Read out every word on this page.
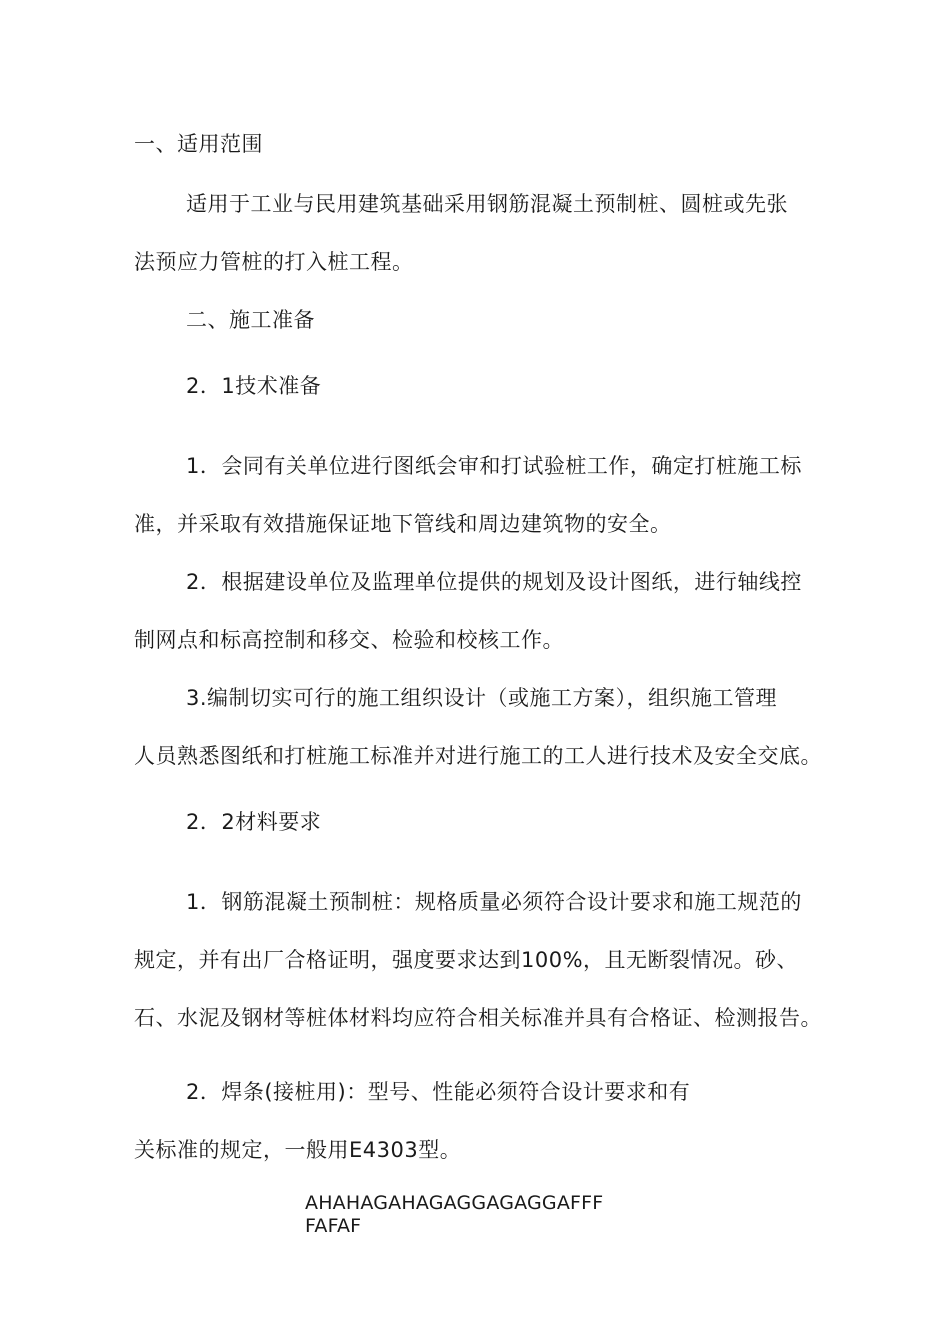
一、适用范围
适用于工业与民用建筑基础采用钢筋混凝土预制桩、圆桩或先张
法预应力管桩的打入桩工程。
二、施工准备
2．1技术准备
1．会同有关单位进行图纸会审和打试验桩工作，确定打桩施工标
准，并采取有效措施保证地下管线和周边建筑物的安全。
2．根据建设单位及监理单位提供的规划及设计图纸，进行轴线控
制网点和标高控制和移交、检验和校核工作。
3.编制切实可行的施工组织设计（或施工方案），组织施工管理
人员熟悉图纸和打桩施工标准并对进行施工的工人进行技术及安全交底。
2．2材料要求
1．钢筋混凝土预制桩：规格质量必须符合设计要求和施工规范的
规定，并有出厂合格证明，强度要求达到100%，且无断裂情况。砂、
石、水泥及钢材等桩体材料均应符合相关标准并具有合格证、检测报告。
2．焊条(接桩用)：型号、性能必须符合设计要求和有
关标准的规定，一般用E4303型。
AHAHAGAHAGAGGAGAGGAFFF
FAFAF
